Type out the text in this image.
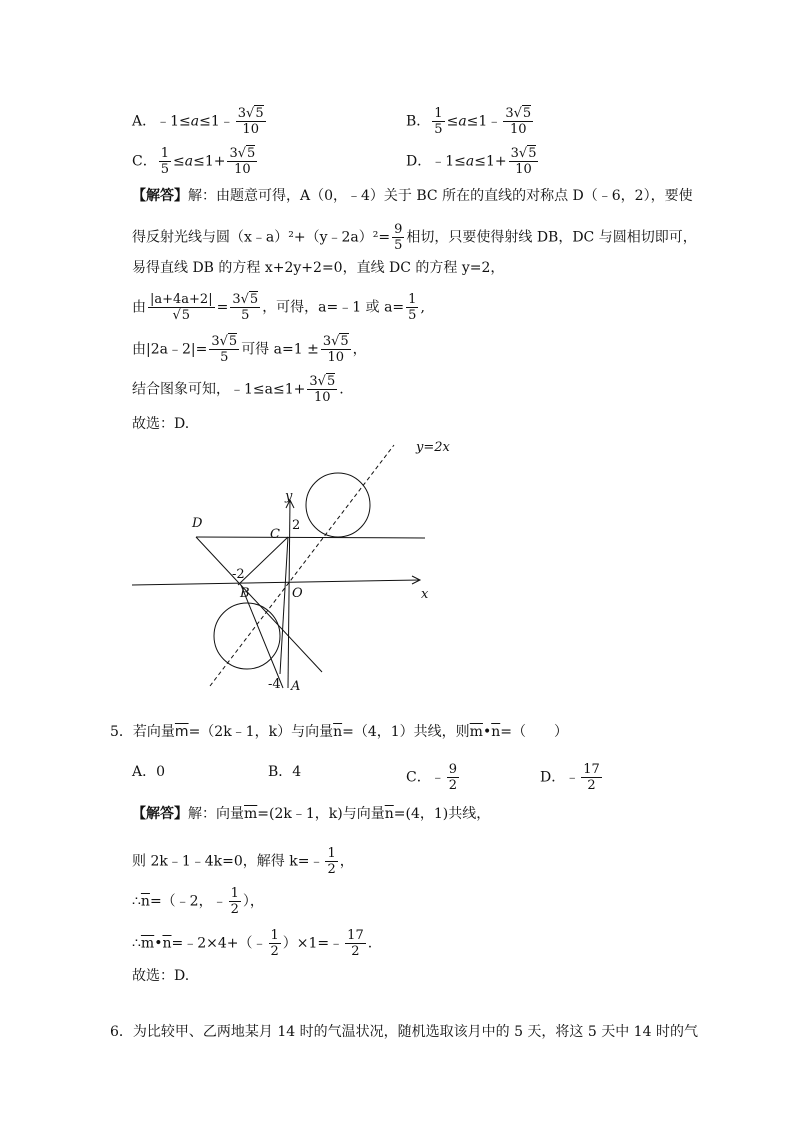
A．﹣1≤a≤1﹣ $\frac{3√5}{10}$	B． $\frac{1}{5}$ ≤a≤1﹣ $\frac{3√5}{10}$
C． $\frac{1}{5} \le a\le 1+ \frac{3√5}{10}$	D．﹣1≤a≤1+ $\frac{3√5}{10}$
【解答】解：由题意可得，A（0，﹣4）关于 BC 所在的直线的对称点 D（﹣6，2），要使
得反射光线与圆（x﹣a）²+（y﹣2a）²= $\frac{9}{5}$ 相切，只要使得射线 DB，DC 与圆相切即可，
易得直线 DB 的方程 x+2y+2=0，直线 DC 的方程 y=2，
由 $\frac{|a+4a+2|}{√5} = \frac{3√5}{5}$ ，可得，a=﹣1 或 $a= \frac{1}{5}$ ,
由|2a﹣2|= $\frac{3√5}{5}$ 可得 $a=1 \pm \frac{3√5}{10}$ ，
结合图象可知，﹣1≤a≤1+ $\frac{3√5}{10}$ .
故选：D.
y=2x
y
x
D
C
2
-2
B	O
-4 A
5．若向量$\overline{m}=(2k﹣1$，k）与向量$\overline{n}=(4$，1）共线，则$\overline{m}•\overline{n}=$（　　）
A．0	B．4	C．﹣ $\frac{9}{2}$	D．﹣ $\frac{17}{2}$
【解答】解：向量$\overline{m}=(2k﹣1$，k)与向量$\overline{n}=(4$，1)共线，
则 2k﹣1﹣4k=0，解得 k=﹣ $\frac{1}{2}$ ，
$\therefore\overline{n}=(﹣2$，﹣ $\frac{1}{2}$ ），
$\therefore\overline{m}•\overline{n}=﹣2\times 4+(﹣ \frac{1}{2}$ ）×1=﹣ $\frac{17}{2}$ .
故选：D.
6．为比较甲、乙两地某月 14 时的气温状况，随机选取该月中的 5 天，将这 5 天中 14 时的气
